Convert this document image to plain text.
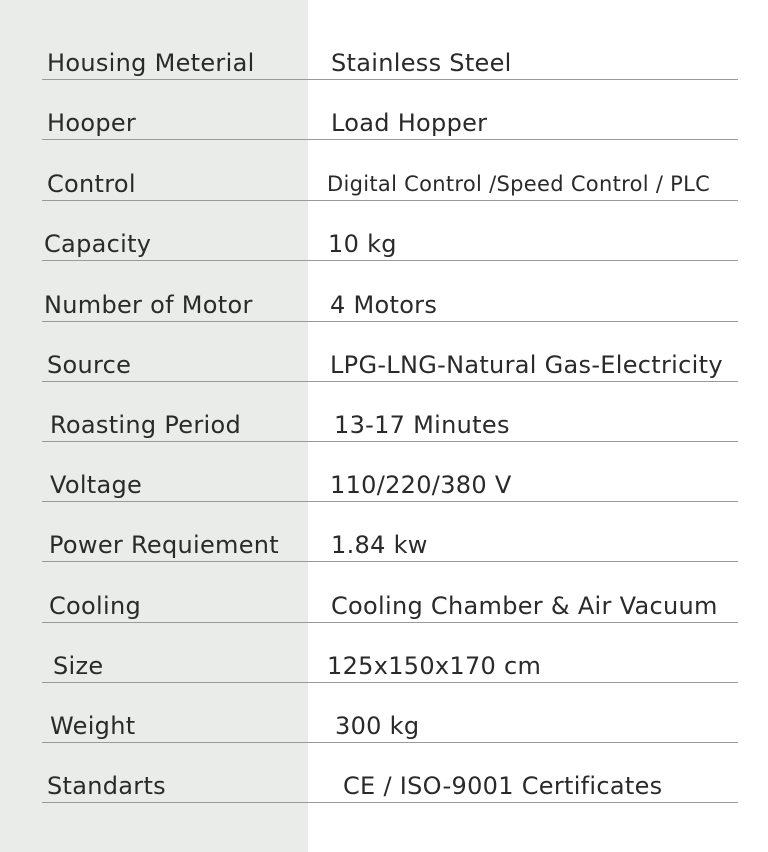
Housing Meterial	Stainless Steel
Hooper	Load Hopper
Control	Digital Control /Speed Control / PLC
Capacity	10 kg
Number of Motor	4 Motors
Source	LPG-LNG-Natural Gas-Electricity
Roasting Period	13-17 Minutes
Voltage	110/220/380 V
Power Requiement 1.84 kw
Cooling	Cooling Chamber & Air Vacuum
Size	125x150x170 cm
Weight	300 kg
Standarts	CE / ISO-9001 Certificates
